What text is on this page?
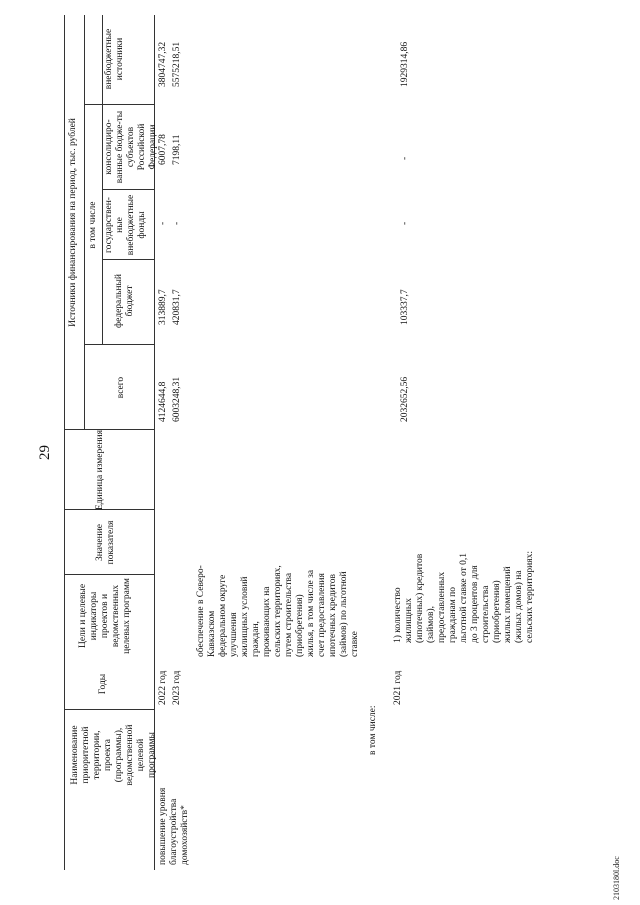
29
Наименование приоритетной территории, проекта (программы), ведомственной целевой программы
Годы
Цели и целевые индикаторы проектов и ведомственных целевых программ
Значение показателя
Единица измерения
Источники финансирования на период, тыс. рублей
всего
в том числе
федеральный бюджет
государствен-ные внебюджетные фонды
консолидиро-ванные бюдже-ты субъектов Российской Федерации
внебюджетные источники
повышение уровня благоустройства домохозяйств*
2022 год 2023 год
обеспечение в Северо-Кавказском федеральном округе улучшения жилищных условий граждан, проживающих на сельских территориях, путем строительства (приобретения) жилья, в том числе за счет предоставления ипотечных кредитов (займов) по льготной ставке
4124644,8 6003248,31
313889,7 420831,7
- -
6007,78 7198,11
3804747,32 5575218,51
в том числе:
2021 год
1) количество жилищных (ипотечных) кредитов (займов), предоставленных гражданам по льготной ставке от 0,1 до 3 процентов для строительства (приобретения) жилых помещений (жилых домов) на сельских территориях:
2032652,56
103337,7
-
-
1929314,86
2103180l.doc
